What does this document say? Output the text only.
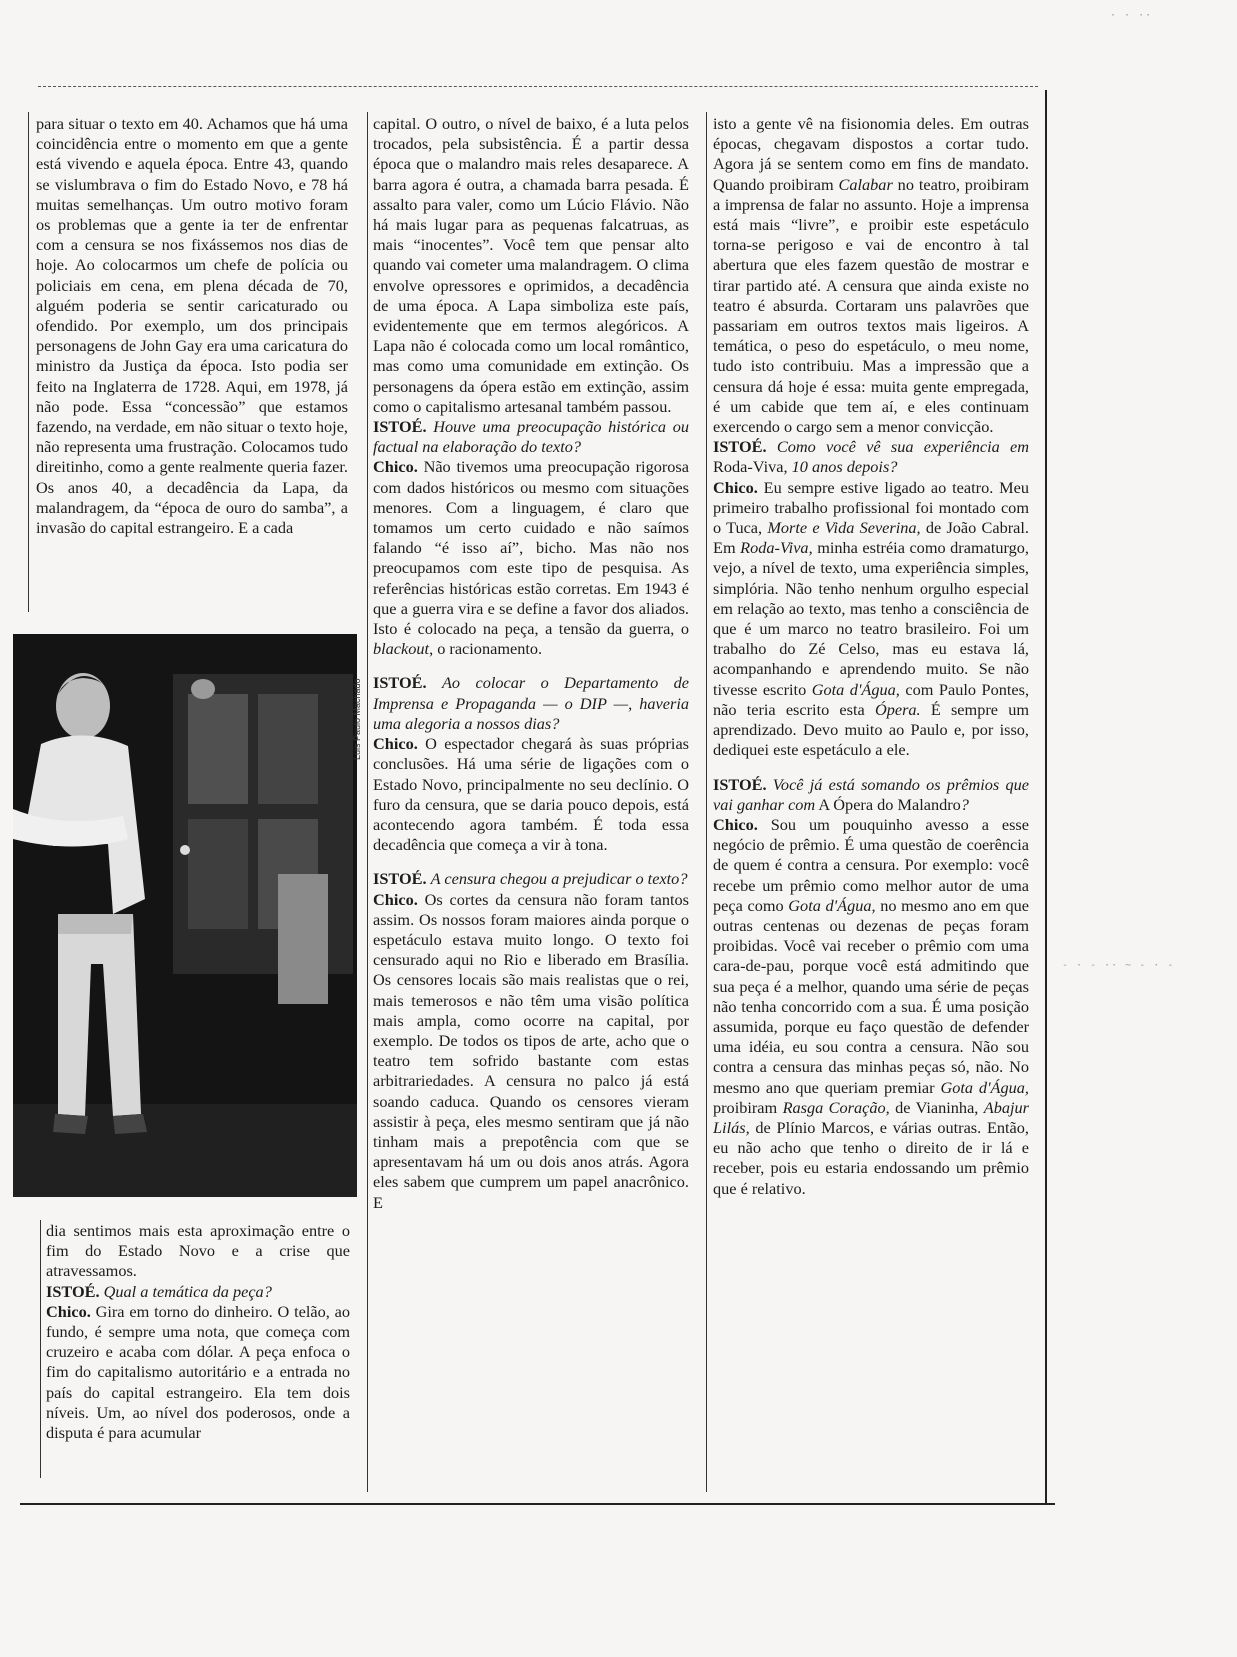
- · - ·· ~ - · -
· · ··

para situar o texto em 40. Achamos que há uma coincidência entre o momento em que a gente está vivendo e aquela época. Entre 43, quando se vislumbrava o fim do Estado Novo, e 78 há muitas semelhanças. Um outro motivo foram os problemas que a gente ia ter de enfrentar com a censura se nos fixássemos nos dias de hoje. Ao colocarmos um chefe de polícia ou policiais em cena, em plena década de 70, alguém poderia se sentir caricaturado ou ofendido. Por exemplo, um dos principais personagens de John Gay era uma caricatura do ministro da Justiça da época. Isto podia ser feito na Inglaterra de 1728. Aqui, em 1978, já não pode. Essa “concessão” que estamos fazendo, na verdade, em não situar o texto hoje, não representa uma frustração. Colocamos tudo direitinho, como a gente realmente queria fazer. Os anos 40, a decadência da Lapa, da malandragem, da “época de ouro do samba”, a invasão do capital estrangeiro. E a cada

Luis Paulo Machado

dia sentimos mais esta aproximação entre o fim do Estado Novo e a crise que atravessamos.

ISTOÉ. Qual a temática da peça?
Chico. Gira em torno do dinheiro. O telão, ao fundo, é sempre uma nota, que começa com cruzeiro e acaba com dólar. A peça enfoca o fim do capitalismo autoritário e a entrada no país do capital estrangeiro. Ela tem dois níveis. Um, ao nível dos poderosos, onde a disputa é para acumular

capital. O outro, o nível de baixo, é a luta pelos trocados, pela subsistência. É a partir dessa época que o malandro mais reles desaparece. A barra agora é outra, a chamada barra pesada. É assalto para valer, como um Lúcio Flávio. Não há mais lugar para as pequenas falcatruas, as mais “inocentes”. Você tem que pensar alto quando vai cometer uma malandragem. O clima envolve opressores e oprimidos, a decadência de uma época. A Lapa simboliza este país, evidentemente que em termos alegóricos. A Lapa não é colocada como um local romântico, mas como uma comunidade em extinção. Os personagens da ópera estão em extinção, assim como o capitalismo artesanal também passou.

ISTOÉ. Houve uma preocupação histórica ou factual na elaboração do texto?
Chico. Não tivemos uma preocupação rigorosa com dados históricos ou mesmo com situações menores. Com a linguagem, é claro que tomamos um certo cuidado e não saímos falando “é isso aí”, bicho. Mas não nos preocupamos com este tipo de pesquisa. As referências históricas estão corretas. Em 1943 é que a guerra vira e se define a favor dos aliados. Isto é colocado na peça, a tensão da guerra, o blackout, o racionamento.

ISTOÉ. Ao colocar o Departamento de Imprensa e Propaganda — o DIP —, haveria uma alegoria a nossos dias?
Chico. O espectador chegará às suas próprias conclusões. Há uma série de ligações com o Estado Novo, principalmente no seu declínio. O furo da censura, que se daria pouco depois, está acontecendo agora também. É toda essa decadência que começa a vir à tona.

ISTOÉ. A censura chegou a prejudicar o texto?
Chico. Os cortes da censura não foram tantos assim. Os nossos foram maiores ainda porque o espetáculo estava muito longo. O texto foi censurado aqui no Rio e liberado em Brasília. Os censores locais são mais realistas que o rei, mais temerosos e não têm uma visão política mais ampla, como ocorre na capital, por exemplo. De todos os tipos de arte, acho que o teatro tem sofrido bastante com estas arbitrariedades. A censura no palco já está soando caduca. Quando os censores vieram assistir à peça, eles mesmo sentiram que já não tinham mais a prepotência com que se apresentavam há um ou dois anos atrás. Agora eles sabem que cumprem um papel anacrônico. E

isto a gente vê na fisionomia deles. Em outras épocas, chegavam dispostos a cortar tudo. Agora já se sentem como em fins de mandato. Quando proibiram Calabar no teatro, proibiram a imprensa de falar no assunto. Hoje a imprensa está mais “livre”, e proibir este espetáculo torna-se perigoso e vai de encontro à tal abertura que eles fazem questão de mostrar e tirar partido até. A censura que ainda existe no teatro é absurda. Cortaram uns palavrões que passariam em outros textos mais ligeiros. A temática, o peso do espetáculo, o meu nome, tudo isto contribuiu. Mas a impressão que a censura dá hoje é essa: muita gente empregada, é um cabide que tem aí, e eles continuam exercendo o cargo sem a menor convicção.

ISTOÉ. Como você vê sua experiência em Roda-Viva, 10 anos depois?
Chico. Eu sempre estive ligado ao teatro. Meu primeiro trabalho profissional foi montado com o Tuca, Morte e Vida Severina, de João Cabral. Em Roda-Viva, minha estréia como dramaturgo, vejo, a nível de texto, uma experiência simples, simplória. Não tenho nenhum orgulho especial em relação ao texto, mas tenho a consciência de que é um marco no teatro brasileiro. Foi um trabalho do Zé Celso, mas eu estava lá, acompanhando e aprendendo muito. Se não tivesse escrito Gota d'Água, com Paulo Pontes, não teria escrito esta Ópera. É sempre um aprendizado. Devo muito ao Paulo e, por isso, dediquei este espetáculo a ele.

ISTOÉ. Você já está somando os prêmios que vai ganhar com A Ópera do Malandro?
Chico. Sou um pouquinho avesso a esse negócio de prêmio. É uma questão de coerência de quem é contra a censura. Por exemplo: você recebe um prêmio como melhor autor de uma peça como Gota d'Água, no mesmo ano em que outras centenas ou dezenas de peças foram proibidas. Você vai receber o prêmio com uma cara-de-pau, porque você está admitindo que sua peça é a melhor, quando uma série de peças não tenha concorrido com a sua. É uma posição assumida, porque eu faço questão de defender uma idéia, eu sou contra a censura. Não sou contra a censura das minhas peças só, não. No mesmo ano que queriam premiar Gota d'Água, proibiram Rasga Coração, de Vianinha, Abajur Lilás, de Plínio Marcos, e várias outras. Então, eu não acho que tenho o direito de ir lá e receber, pois eu estaria endossando um prêmio que é relativo.
